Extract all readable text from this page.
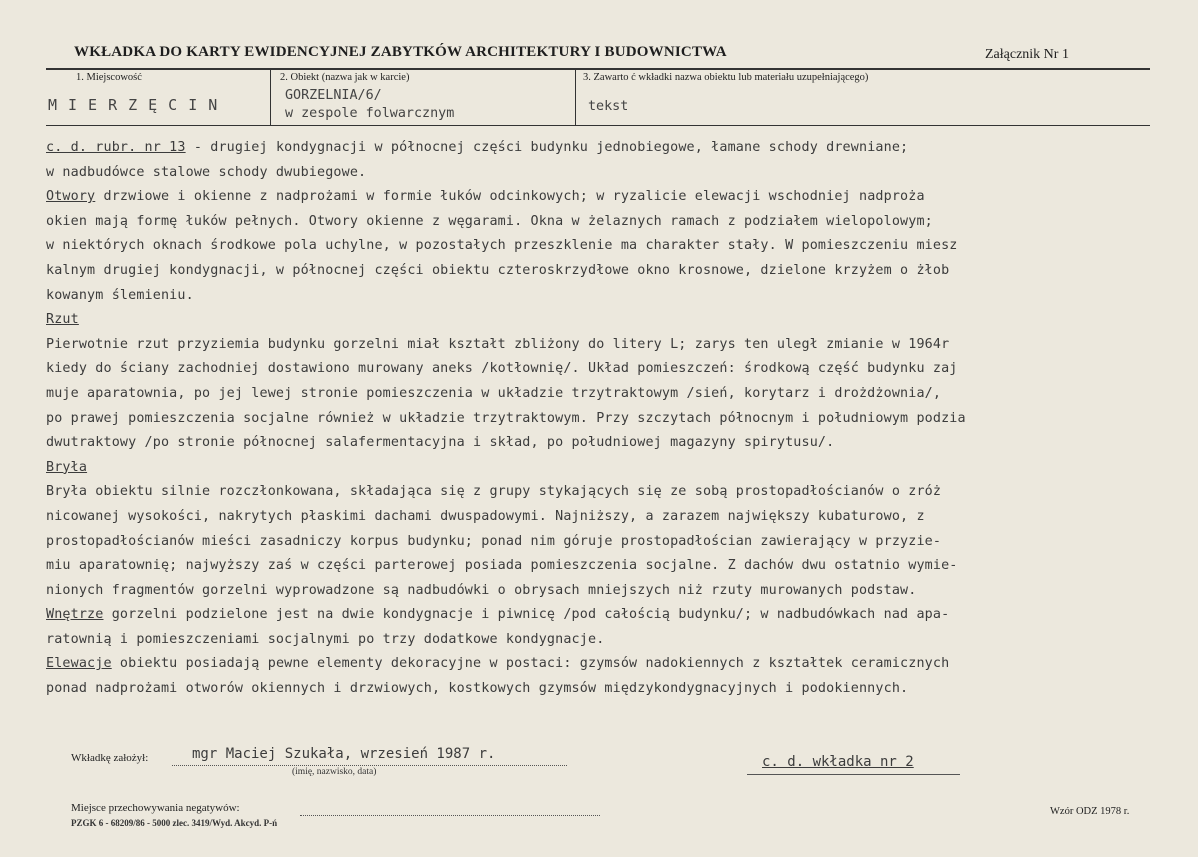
WKŁADKA DO KARTY EWIDENCYJNEJ ZABYTKÓW ARCHITEKTURY I BUDOWNICTWA	Załącznik Nr 1
1. Miejscowość
MIERZĘCIN
2. Obiekt (nazwa jak w karcie)
GORZELNIA/6/
w zespole folwarcznym
3. Zawarto ć wkładki nazwa obiektu lub materiału uzupełniającego)
tekst
c. d. rubr. nr 13 - drugiej kondygnacji w północnej części budynku jednobiegowe, łamane schody drewniane;
w nadbudówce stalowe schody dwubiegowe.
Otwory drzwiowe i okienne z nadprożami w formie łuków odcinkowych; w ryzalicie elewacji wschodniej nadproża
okien mają formę łuków pełnych. Otwory okienne z węgarami. Okna w żelaznych ramach z podziałem wielopolowym;
w niektórych oknach środkowe pola uchylne, w pozostałych przeszklenie ma charakter stały. W pomieszczeniu miesz
kalnym drugiej kondygnacji, w północnej części obiektu czteroskrzydłowe okno krosnowe, dzielone krzyżem o żłob
kowanym ślemieniu.
Rzut
Pierwotnie rzut przyziemia budynku gorzelni miał kształt zbliżony do litery L; zarys ten uległ zmianie w 1964r
kiedy do ściany zachodniej dostawiono murowany aneks /kotłownię/. Układ pomieszczeń: środkową część budynku zaj
muje aparatownia, po jej lewej stronie pomieszczenia w układzie trzytraktowym /sień, korytarz i drożdżownia/,
po prawej pomieszczenia socjalne również w układzie trzytraktowym. Przy szczytach północnym i południowym podzia
dwutraktowy /po stronie północnej salafermentacyjna i skład, po południowej magazyny spirytusu/.
Bryła
Bryła obiektu silnie rozczłonkowana, składająca się z grupy stykających się ze sobą prostopadłościanów o zróż
nicowanej wysokości, nakrytych płaskimi dachami dwuspadowymi. Najniższy, a zarazem największy kubaturowo, z
prostopadłościanów mieści zasadniczy korpus budynku; ponad nim góruje prostopadłościan zawierający w przyzie-
miu aparatownię; najwyższy zaś w części parterowej posiada pomieszczenia socjalne. Z dachów dwu ostatnio wymie-
nionych fragmentów gorzelni wyprowadzone są nadbudówki o obrysach mniejszych niż rzuty murowanych podstaw.
Wnętrze gorzelni podzielone jest na dwie kondygnacje i piwnicę /pod całością budynku/; w nadbudówkach nad apa-
ratownią i pomieszczeniami socjalnymi po trzy dodatkowe kondygnacje.
Elewacje obiektu posiadają pewne elementy dekoracyjne w postaci: gzymsów nadokiennych z kształtek ceramicznych
ponad nadprożami otworów okiennych i drzwiowych, kostkowych gzymsów międzykondygnacyjnych i podokiennych.
Wkładkę założył:	mgr Maciej Szukała, wrzesień 1987 r.
(imię, nazwisko, data)
c. d. wkładka nr 2
Miejsce przechowywania negatywów:
PZGK 6 - 68209/86 - 5000 zlec. 3419/Wyd. Akcyd. P-ń
Wzór ODZ 1978 r.
